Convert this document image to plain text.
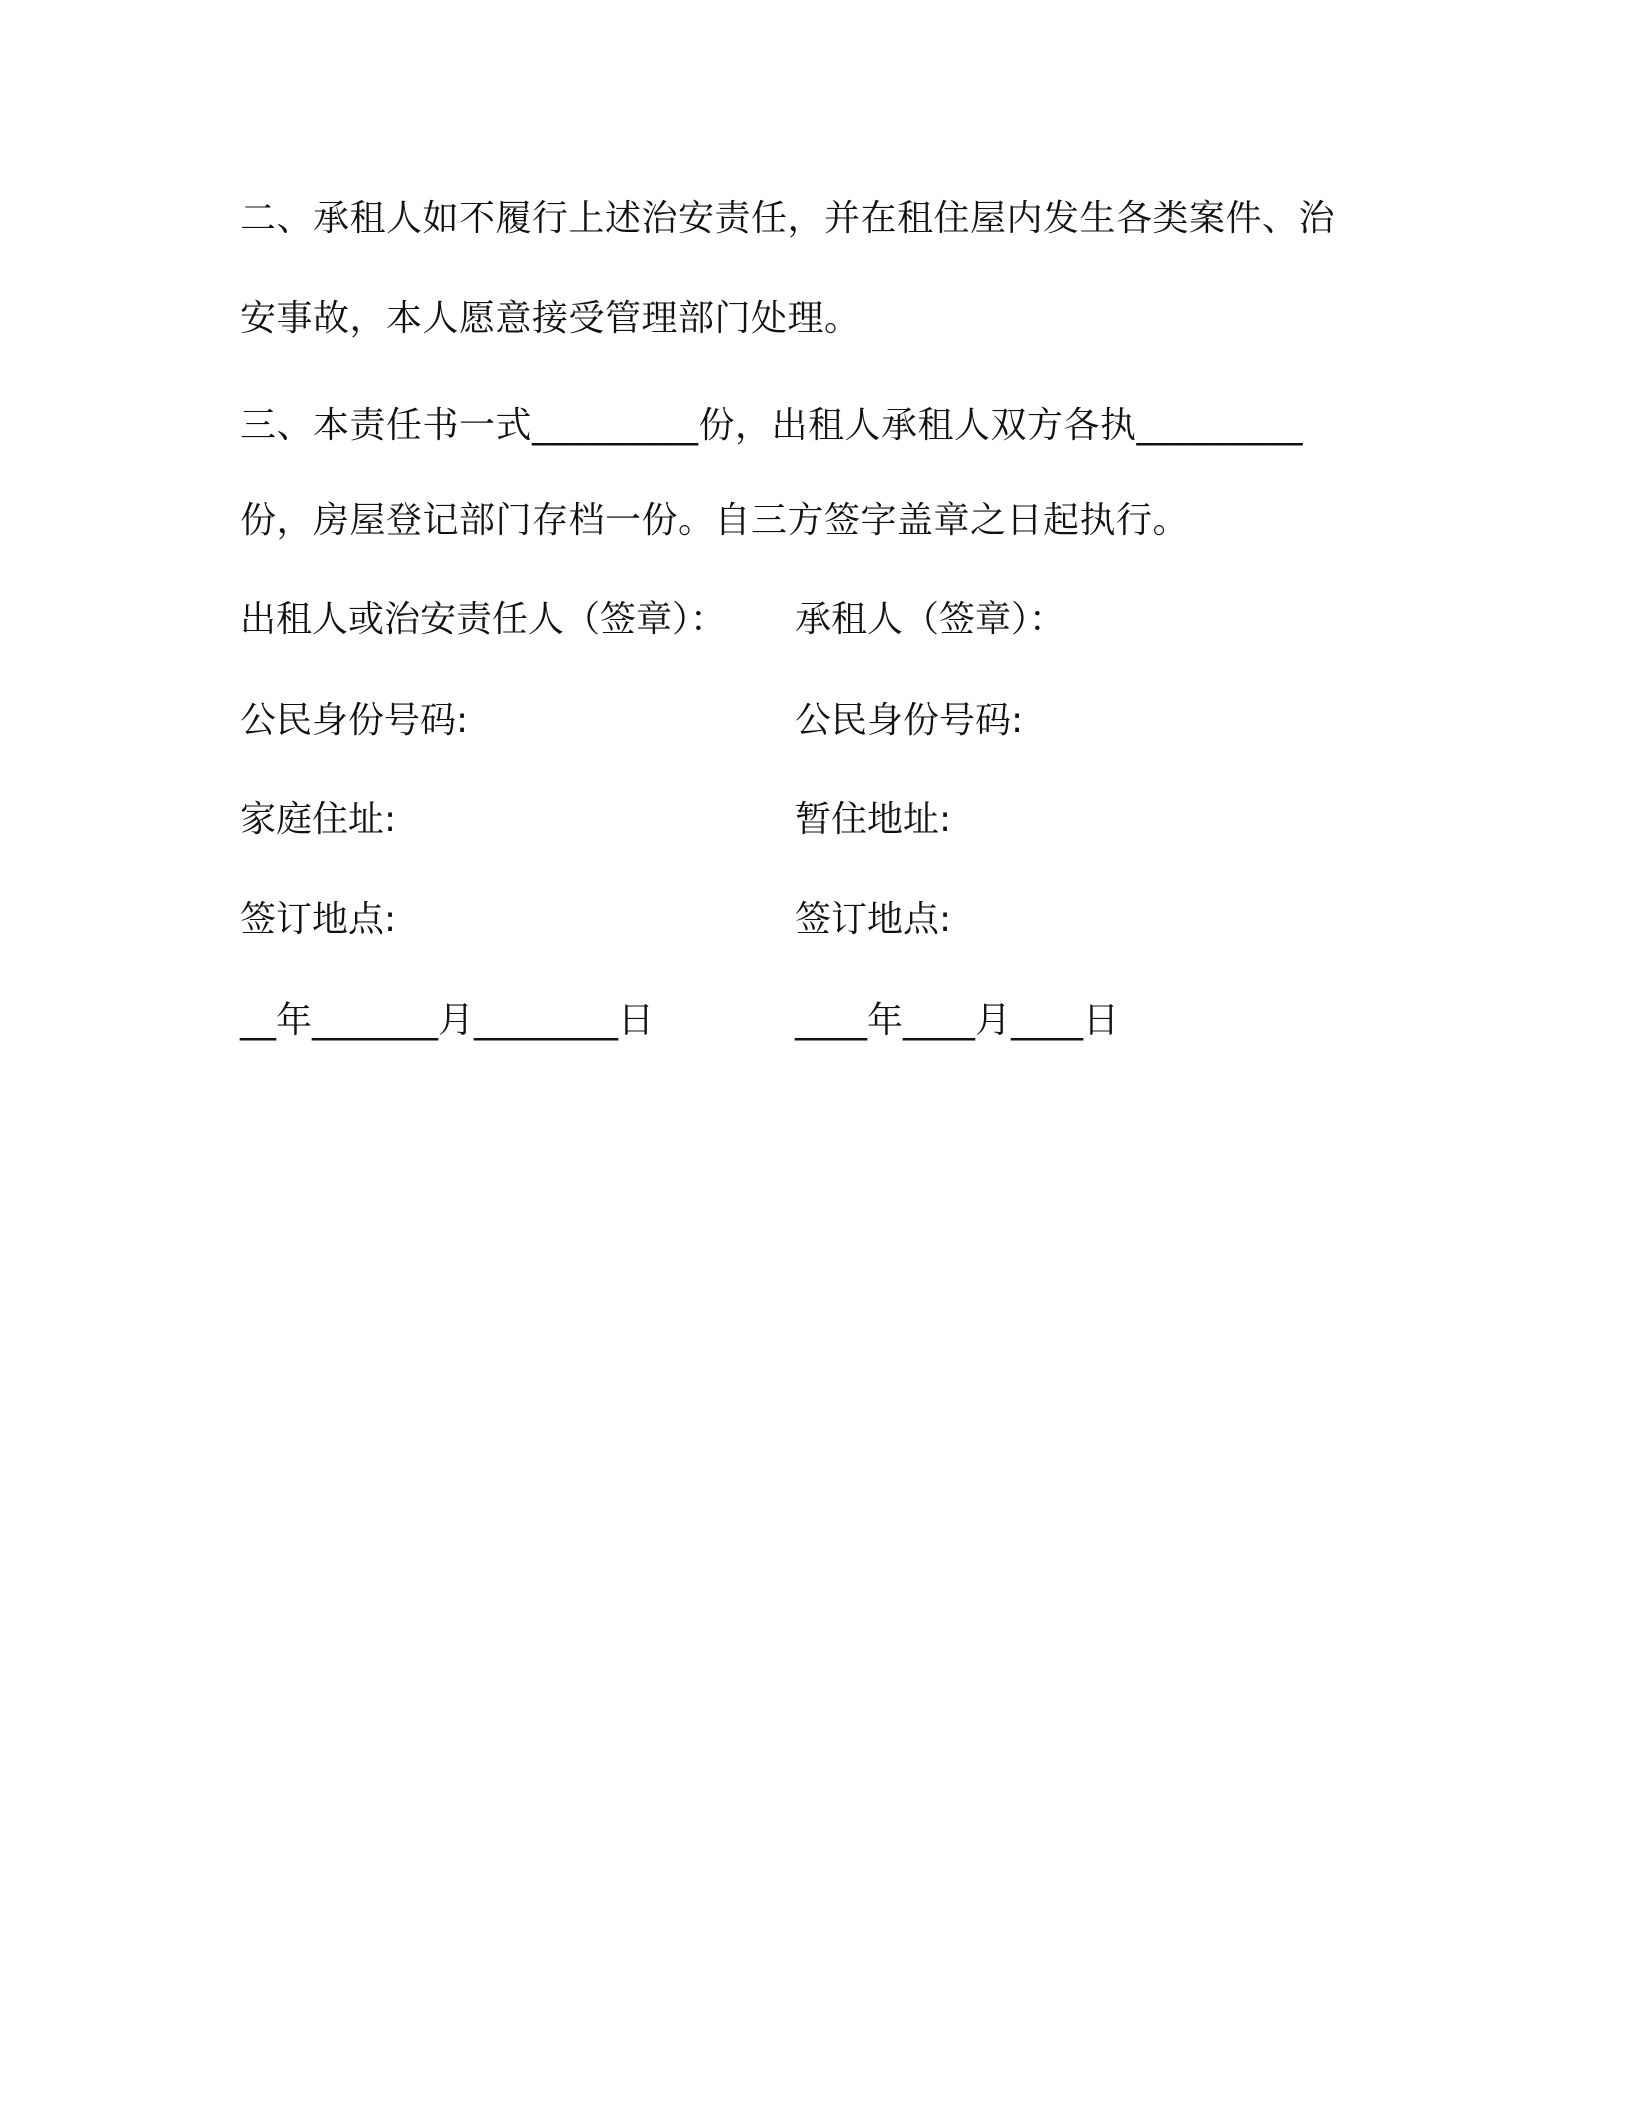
二、承租人如不履行上述治安责任，并在租住屋内发生各类案件、治
安事故，本人愿意接受管理部门处理。
三、本责任书一式_________份，出租人承租人双方各执_________
份，房屋登记部门存档一份。自三方签字盖章之日起执行。
出租人或治安责任人（签章）： 承租人（签章）：
公民身份号码:	公民身份号码:
家庭住址:	暂住地址:
签订地点:	签订地点:
__年_______月________日	____年____月____日
